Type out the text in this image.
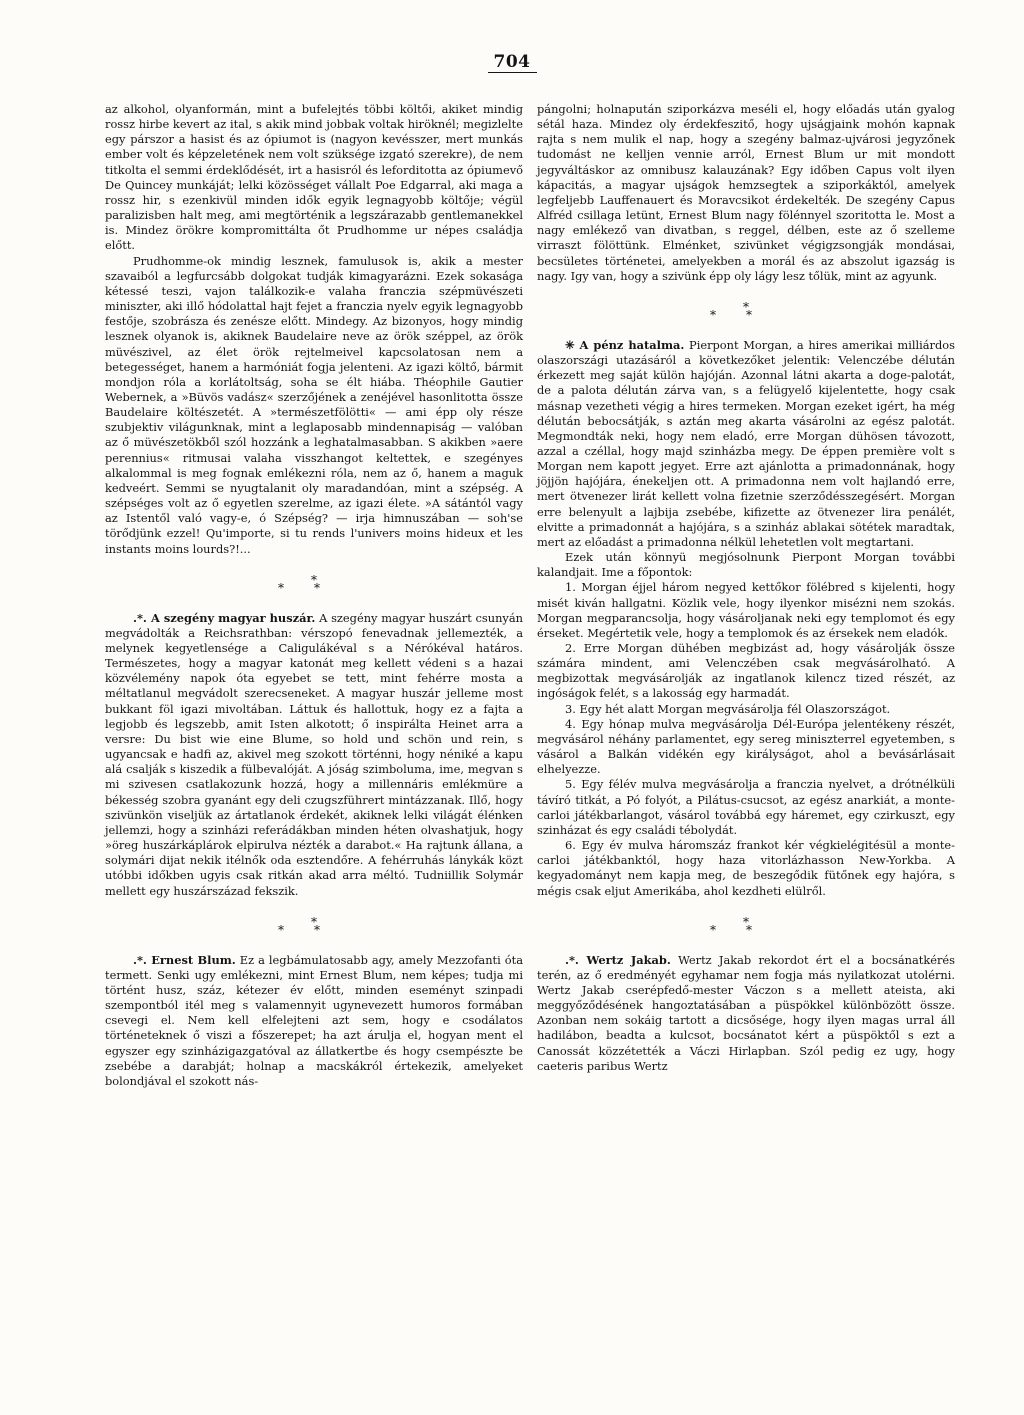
704

az alkohol, olyanformán, mint a bufelejtés többi költői, akiket mindig rossz hirbe kevert az ital, s akik mind jobbak voltak hiröknél; megizlelte egy párszor a hasist és az ópiumot is (nagyon kevésszer, mert munkás ember volt és képzeletének nem volt szüksége izgató szerekre), de nem titkolta el semmi érdeklődését, irt a hasisról és leforditotta az ópiumevő De Quincey munkáját; lelki közösséget vállalt Poe Edgarral, aki maga a rossz hir, s ezenkivül minden idők egyik legnagyobb költője; végül paralizisben halt meg, ami megtörténik a legszárazabb gentlemanekkel is. Mindez örökre kompromittálta őt Prudhomme ur népes családja előtt.

Prudhomme-ok mindig lesznek, famulusok is, akik a mester szavaiból a legfurcsább dolgokat tudják kimagyarázni. Ezek sokasága kétessé teszi, vajon találkozik-e valaha franczia szépmüvészeti miniszter, aki illő hódolattal hajt fejet a franczia nyelv egyik legnagyobb festője, szobrásza és zenésze előtt. Mindegy. Az bizonyos, hogy mindig lesznek olyanok is, akiknek Baudelaire neve az örök széppel, az örök müvészivel, az élet örök rejtelmeivel kapcsolatosan nem a betegességet, hanem a harmóniát fogja jelenteni. Az igazi költő, bármit mondjon róla a korlátoltság, soha se élt hiába. Théophile Gautier Webernek, a »Büvös vadász« szerzőjének a zenéjével hasonlitotta össze Baudelaire költészetét. A »természetfölötti« — ami épp oly része szubjektiv világunknak, mint a leglaposabb mindennapiság — valóban az ő müvészetökből szól hozzánk a leghatalmasabban. S akikben »aere perennius« ritmusai valaha visszhangot keltettek, e szegényes alkalommal is meg fognak emlékezni róla, nem az ő, hanem a maguk kedveért. Semmi se nyugtalanit oly maradandóan, mint a szépség. A szépséges volt az ő egyetlen szerelme, az igazi élete. »A sátántól vagy az Istentől való vagy-e, ó Szépség? — irja himnuszában — soh'se törődjünk ezzel! Qu'importe, si tu rends l'univers moins hideux et les instants moins lourds?!...

*
**

.*. A szegény magyar huszár. A szegény magyar huszárt csunyán megvádolták a Reichsrathban: vérszopó fenevadnak jellemezték, a melynek kegyetlensége a Caligulákéval s a Nérókéval határos. Természetes, hogy a magyar katonát meg kellett védeni s a hazai közvélemény napok óta egyebet se tett, mint fehérre mosta a méltatlanul megvádolt szerecseneket. A magyar huszár jelleme most bukkant föl igazi mivoltában. Láttuk és hallottuk, hogy ez a fajta a legjobb és legszebb, amit Isten alkotott; ő inspirálta Heinet arra a versre: Du bist wie eine Blume, so hold und schön und rein, s ugyancsak e hadfi az, akivel meg szokott történni, hogy néniké a kapu alá csalják s kiszedik a fülbevalóját. A jóság szimboluma, ime, megvan s mi szivesen csatlakozunk hozzá, hogy a millennáris emlékmüre a békesség szobra gyanánt egy deli czugszführert mintázzanak. Illő, hogy szivünkön viseljük az ártatlanok érdekét, akiknek lelki világát élénken jellemzi, hogy a szinházi referádákban minden héten olvashatjuk, hogy »öreg huszárkáplárok elpirulva nézték a darabot.« Ha rajtunk állana, a solymári dijat nekik itélnők oda esztendőre. A fehérruhás lánykák közt utóbbi időkben ugyis csak ritkán akad arra méltó. Tudniillik Solymár mellett egy huszárszázad fekszik.

*
**

.*. Ernest Blum. Ez a legbámulatosabb agy, amely Mezzofanti óta termett. Senki ugy emlékezni, mint Ernest Blum, nem képes; tudja mi történt husz, száz, kétezer év előtt, minden eseményt szinpadi szempontból itél meg s valamennyit ugynevezett humoros formában csevegi el. Nem kell elfelejteni azt sem, hogy e csodálatos történeteknek ő viszi a főszerepet; ha azt árulja el, hogyan ment el egyszer egy szinházigazgatóval az állatkertbe és hogy csempészte be zsebébe a darabját; holnap a macskákról értekezik, amelyeket bolondjával el szokott nás-

pángolni; holnapután sziporkázva meséli el, hogy előadás után gyalog sétál haza. Mindez oly érdekfeszitő, hogy ujságjaink mohón kapnak rajta s nem mulik el nap, hogy a szegény balmaz-ujvárosi jegyzőnek tudomást ne kelljen vennie arról, Ernest Blum ur mit mondott jegyváltáskor az omnibusz kalauzának? Egy időben Capus volt ilyen kápacitás, a magyar ujságok hemzsegtek a sziporkáktól, amelyek legfeljebb Lauffenauert és Moravcsikot érdekelték. De szegény Capus Alfréd csillaga letünt, Ernest Blum nagy fölénnyel szoritotta le. Most a nagy emlékező van divatban, s reggel, délben, este az ő szelleme virraszt fölöttünk. Elménket, szivünket végigzsongják mondásai, becsületes történetei, amelyekben a morál és az abszolut igazság is nagy. Igy van, hogy a szivünk épp oly lágy lesz tőlük, mint az agyunk.

*
**

✳ A pénz hatalma. Pierpont Morgan, a hires amerikai milliárdos olaszországi utazásáról a következőket jelentik: Velenczébe délután érkezett meg saját külön hajóján. Azonnal látni akarta a doge-palotát, de a palota délután zárva van, s a felügyelő kijelentette, hogy csak másnap vezetheti végig a hires termeken. Morgan ezeket igért, ha még délután bebocsátják, s aztán meg akarta vásárolni az egész palotát. Megmondták neki, hogy nem eladó, erre Morgan dühösen távozott, azzal a czéllal, hogy majd szinházba megy. De éppen première volt s Morgan nem kapott jegyet. Erre azt ajánlotta a primadonnának, hogy jöjjön hajójára, énekeljen ott. A primadonna nem volt hajlandó erre, mert ötvenezer lirát kellett volna fizetnie szerződésszegésért. Morgan erre belenyult a lajbija zsebébe, kifizette az ötvenezer lira penálét, elvitte a primadonnát a hajójára, s a szinház ablakai sötétek maradtak, mert az előadást a primadonna nélkül lehetetlen volt megtartani.

Ezek után könnyü megjósolnunk Pierpont Morgan további kalandjait. Ime a főpontok:

1. Morgan éjjel három negyed kettőkor fölébred s kijelenti, hogy misét kiván hallgatni. Közlik vele, hogy ilyenkor misézni nem szokás. Morgan megparancsolja, hogy vásároljanak neki egy templomot és egy érseket. Megértetik vele, hogy a templomok és az érsekek nem eladók.

2. Erre Morgan dühében megbizást ad, hogy vásárolják össze számára mindent, ami Velenczében csak megvásárolható. A megbizottak megvásárolják az ingatlanok kilencz tized részét, az ingóságok felét, s a lakosság egy harmadát.

3. Egy hét alatt Morgan megvásárolja fél Olaszországot.

4. Egy hónap mulva megvásárolja Dél-Európa jelentékeny részét, megvásárol néhány parlamentet, egy sereg miniszterrel egyetemben, s vásárol a Balkán vidékén egy királyságot, ahol a bevásárlásait elhelyezze.

5. Egy félév mulva megvásárolja a franczia nyelvet, a drótnélküli távíró titkát, a Pó folyót, a Pilátus-csucsot, az egész anarkiát, a monte-carloi játékbarlangot, vásárol továbbá egy háremet, egy czirkuszt, egy szinházat és egy családi tébolydát.

6. Egy év mulva háromszáz frankot kér végkielégitésül a monte-carloi játékbanktól, hogy haza vitorlázhasson New-Yorkba. A kegyadományt nem kapja meg, de beszegődik fütőnek egy hajóra, s mégis csak eljut Amerikába, ahol kezdheti elülről.

*
**

.*. Wertz Jakab. Wertz Jakab rekordot ért el a bocsánatkérés terén, az ő eredményét egyhamar nem fogja más nyilatkozat utolérni. Wertz Jakab cserépfedő-mester Váczon s a mellett ateista, aki meggyőződésének hangoztatásában a püspökkel különbözött össze. Azonban nem sokáig tartott a dicsősége, hogy ilyen magas urral áll hadilábon, beadta a kulcsot, bocsánatot kért a püspöktől s ezt a Canossát közzétették a Váczi Hirlapban. Szól pedig ez ugy, hogy caeteris paribus Wertz
